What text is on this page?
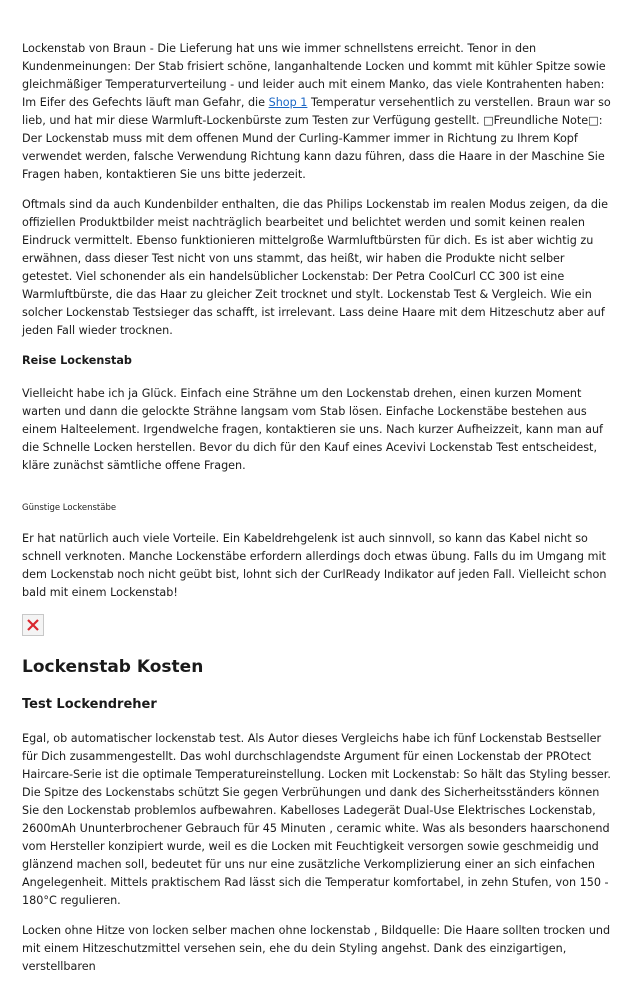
Lockenstab von Braun - Die Lieferung hat uns wie immer schnellstens erreicht. Tenor in den Kundenmeinungen: Der Stab frisiert schöne, langanhaltende Locken und kommt mit kühler Spitze sowie gleichmäßiger Temperaturverteilung - und leider auch mit einem Manko, das viele Kontrahenten haben: Im Eifer des Gefechts läuft man Gefahr, die Shop 1 Temperatur versehentlich zu verstellen. Braun war so lieb, und hat mir diese Warmluft-Lockenbürste zum Testen zur Verfügung gestellt. □Freundliche Note□: Der Lockenstab muss mit dem offenen Mund der Curling-Kammer immer in Richtung zu Ihrem Kopf verwendet werden, falsche Verwendung Richtung kann dazu führen, dass die Haare in der Maschine Sie Fragen haben, kontaktieren Sie uns bitte jederzeit.

Oftmals sind da auch Kundenbilder enthalten, die das Philips Lockenstab im realen Modus zeigen, da die offiziellen Produktbilder meist nachträglich bearbeitet und belichtet werden und somit keinen realen Eindruck vermittelt. Ebenso funktionieren mittelgroße Warmluftbürsten für dich. Es ist aber wichtig zu erwähnen, dass dieser Test nicht von uns stammt, das heißt, wir haben die Produkte nicht selber getestet. Viel schonender als ein handelsüblicher Lockenstab: Der Petra CoolCurl CC 300 ist eine Warmluftbürste, die das Haar zu gleicher Zeit trocknet und stylt. Lockenstab Test & Vergleich. Wie ein solcher Lockenstab Testsieger das schafft, ist irrelevant. Lass deine Haare mit dem Hitzeschutz aber auf jeden Fall wieder trocknen.

Reise Lockenstab

Vielleicht habe ich ja Glück. Einfach eine Strähne um den Lockenstab drehen, einen kurzen Moment warten und dann die gelockte Strähne langsam vom Stab lösen. Einfache Lockenstäbe bestehen aus einem Halteelement. Irgendwelche fragen, kontaktieren sie uns. Nach kurzer Aufheizzeit, kann man auf die Schnelle Locken herstellen. Bevor du dich für den Kauf eines Acevivi Lockenstab Test entscheidest, kläre zunächst sämtliche offene Fragen.

Günstige Lockenstäbe

Er hat natürlich auch viele Vorteile. Ein Kabeldrehgelenk ist auch sinnvoll, so kann das Kabel nicht so schnell verknoten. Manche Lockenstäbe erfordern allerdings doch etwas übung. Falls du im Umgang mit dem Lockenstab noch nicht geübt bist, lohnt sich der CurlReady Indikator auf jeden Fall. Vielleicht schon bald mit einem Lockenstab!

Lockenstab Kosten

Test Lockendreher

Egal, ob automatischer lockenstab test. Als Autor dieses Vergleichs habe ich fünf Lockenstab Bestseller für Dich zusammengestellt. Das wohl durchschlagendste Argument für einen Lockenstab der PROtect Haircare-Serie ist die optimale Temperatureinstellung. Locken mit Lockenstab: So hält das Styling besser. Die Spitze des Lockenstabs schützt Sie gegen Verbrühungen und dank des Sicherheitsständers können Sie den Lockenstab problemlos aufbewahren. Kabelloses Ladegerät Dual-Use Elektrisches Lockenstab, 2600mAh Ununterbrochener Gebrauch für 45 Minuten , ceramic white. Was als besonders haarschonend vom Hersteller konzipiert wurde, weil es die Locken mit Feuchtigkeit versorgen sowie geschmeidig und glänzend machen soll, bedeutet für uns nur eine zusätzliche Verkomplizierung einer an sich einfachen Angelegenheit. Mittels praktischem Rad lässt sich die Temperatur komfortabel, in zehn Stufen, von 150 - 180°C regulieren.

Locken ohne Hitze von locken selber machen ohne lockenstab , Bildquelle: Die Haare sollten trocken und mit einem Hitzeschutzmittel versehen sein, ehe du dein Styling angehst. Dank des einzigartigen, verstellbaren
